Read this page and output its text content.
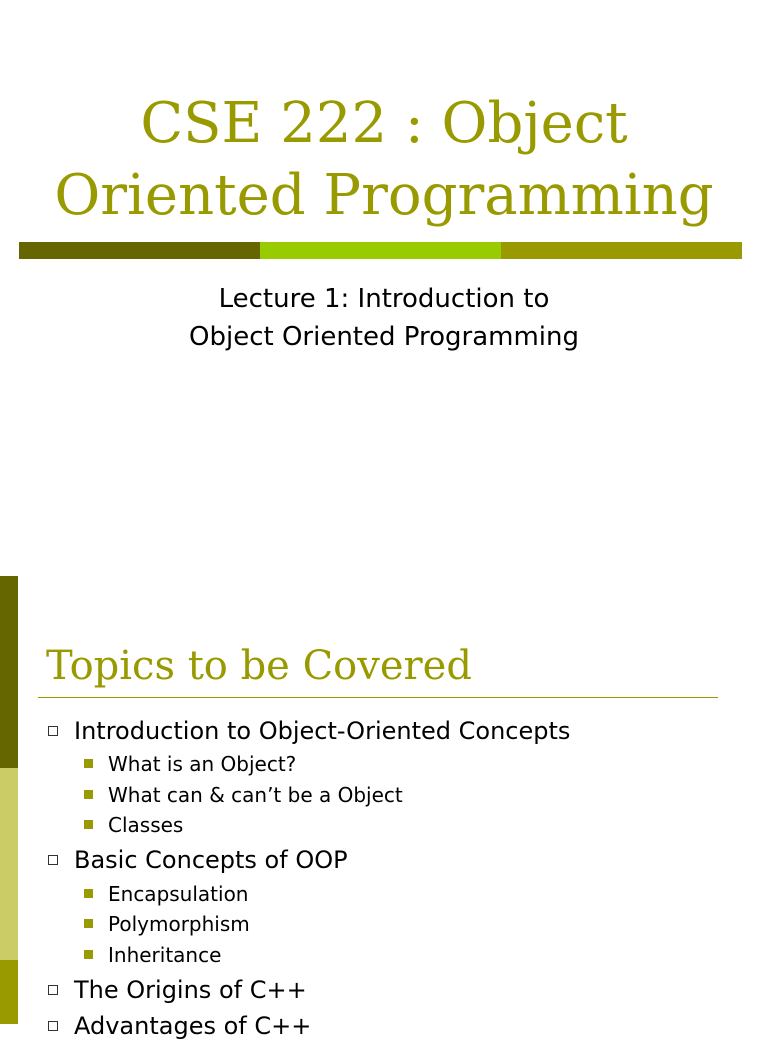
CSE 222 : Object
Oriented Programming
Lecture 1: Introduction to
Object Oriented Programming
Topics to be Covered
Introduction to Object-Oriented Concepts
What is an Object?
What can & can’t be a Object
Classes
Basic Concepts of OOP
Encapsulation
Polymorphism
Inheritance
The Origins of C++
Advantages of C++
